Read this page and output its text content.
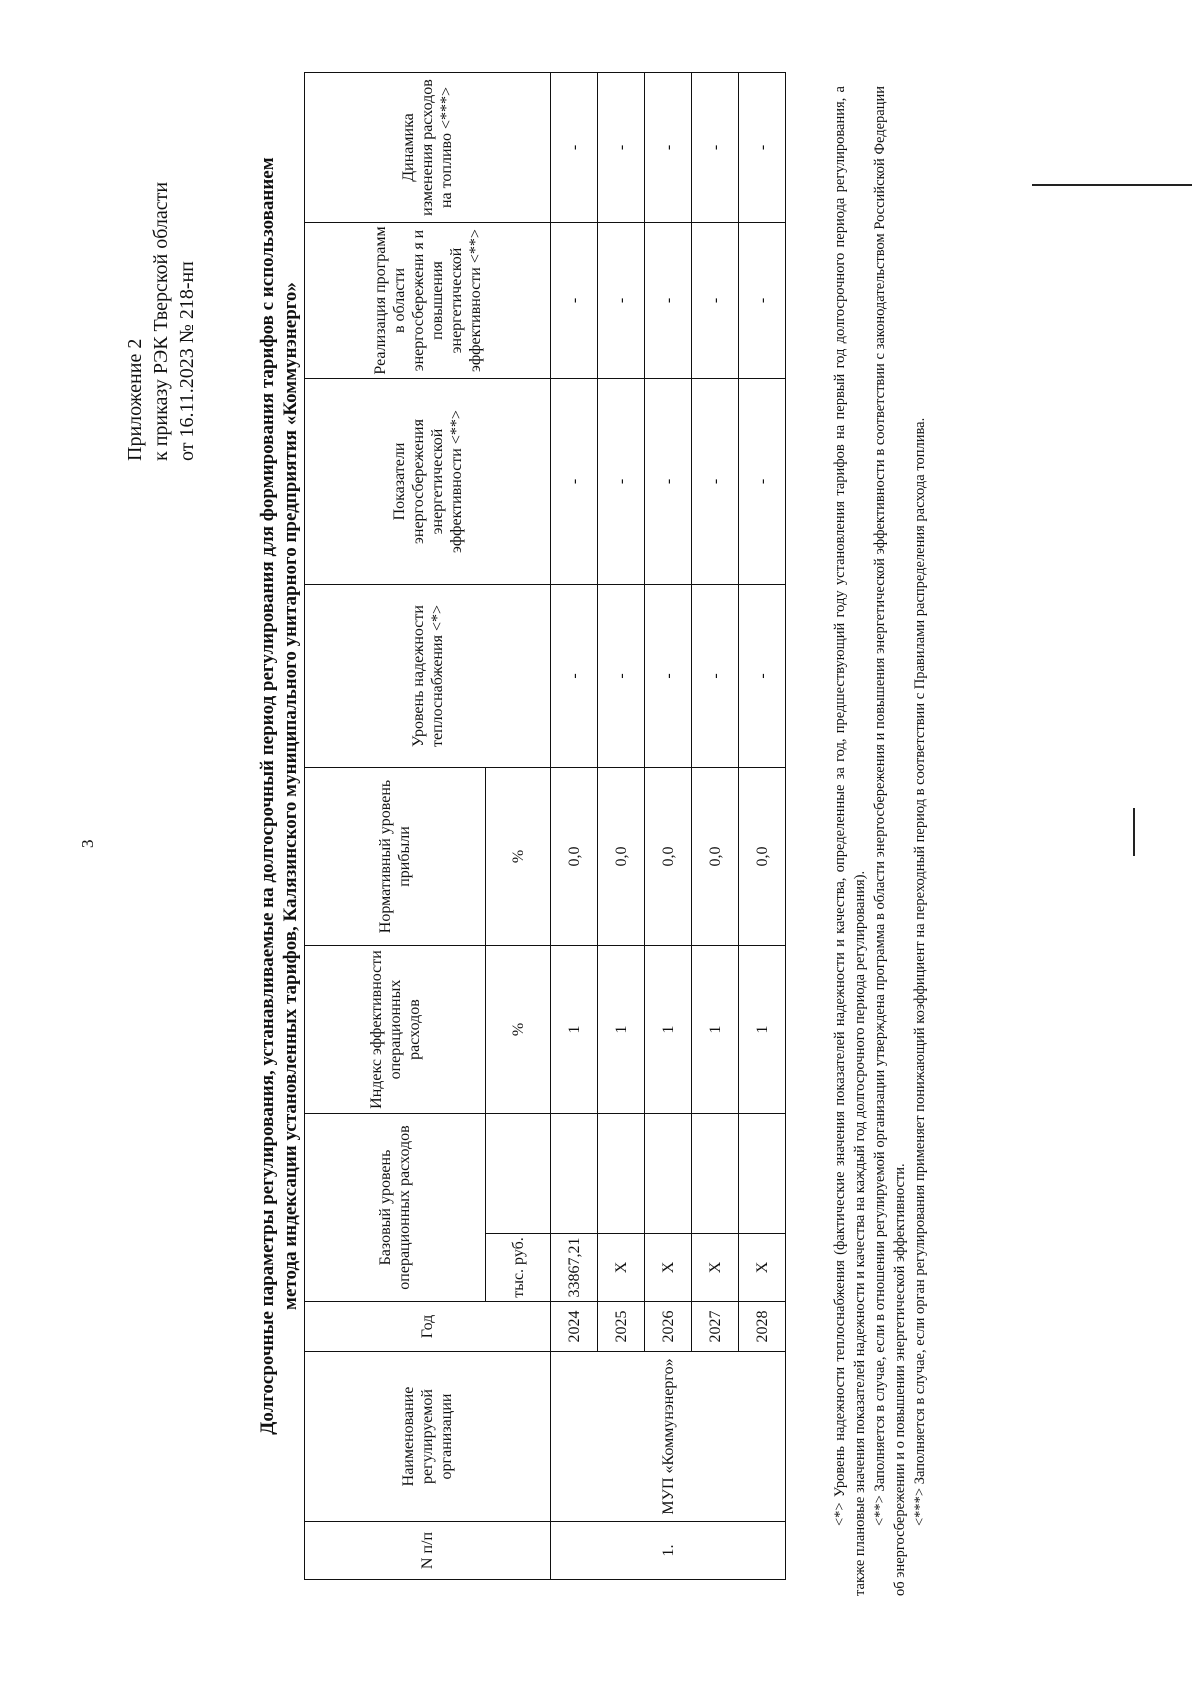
3
Приложение 2 к приказу РЭК Тверской области от 16.11.2023 № 218-нп	Долгосрочные параметры регулирования, устанавливаемые на долгосрочный период регулирования для формирования тарифов с использованием метода индексации установленных тарифов, Калязинского муниципального унитарного предприятия «Коммунэнерго»
N п/п	Наименование регулируемой организации	Год	Базовый уровень операционных расходов		Индекс эффективности операционных расходов	Нормативный уровень прибыли	Уровень надежности теплоснабжения <*>	Показатели энергосбережения энергетической эффективности <**>	Реализация программ в области энергосбережени я и повышения энергетической эффективности <**>	Динамика изменения расходов на топливо <***>
			тыс. руб.		%	%				
1.	МУП «Коммунэнерго»	2024	33867,21		1	0,0	-	-	-	-
		2025	X		1	0,0	-	-	-	-
		2026	X		1	0,0	-	-	-	-
		2027	X		1	0,0	-	-	-	-
		2028	X		1	0,0	-	-	-	-	<*> Уровень надежности теплоснабжения (фактические значения показателей надежности и качества, определенные за год, предшествующий году установления тарифов на первый год долгосрочного периода регулирования, а также плановые значения показателей надежности и качества на каждый год долгосрочного периода регулирования). <**> Заполняется в случае, если в отношении регулируемой организации утверждена программа в области энергосбережения и повышения энергетической эффективности в соответствии с законодательством Российской Федерации об энергосбережении и о повышении энергетической эффективности. <***> Заполняется в случае, если орган регулирования применяет понижающий коэффициент на переходный период в соответствии с Правилами распределения расхода топлива.
